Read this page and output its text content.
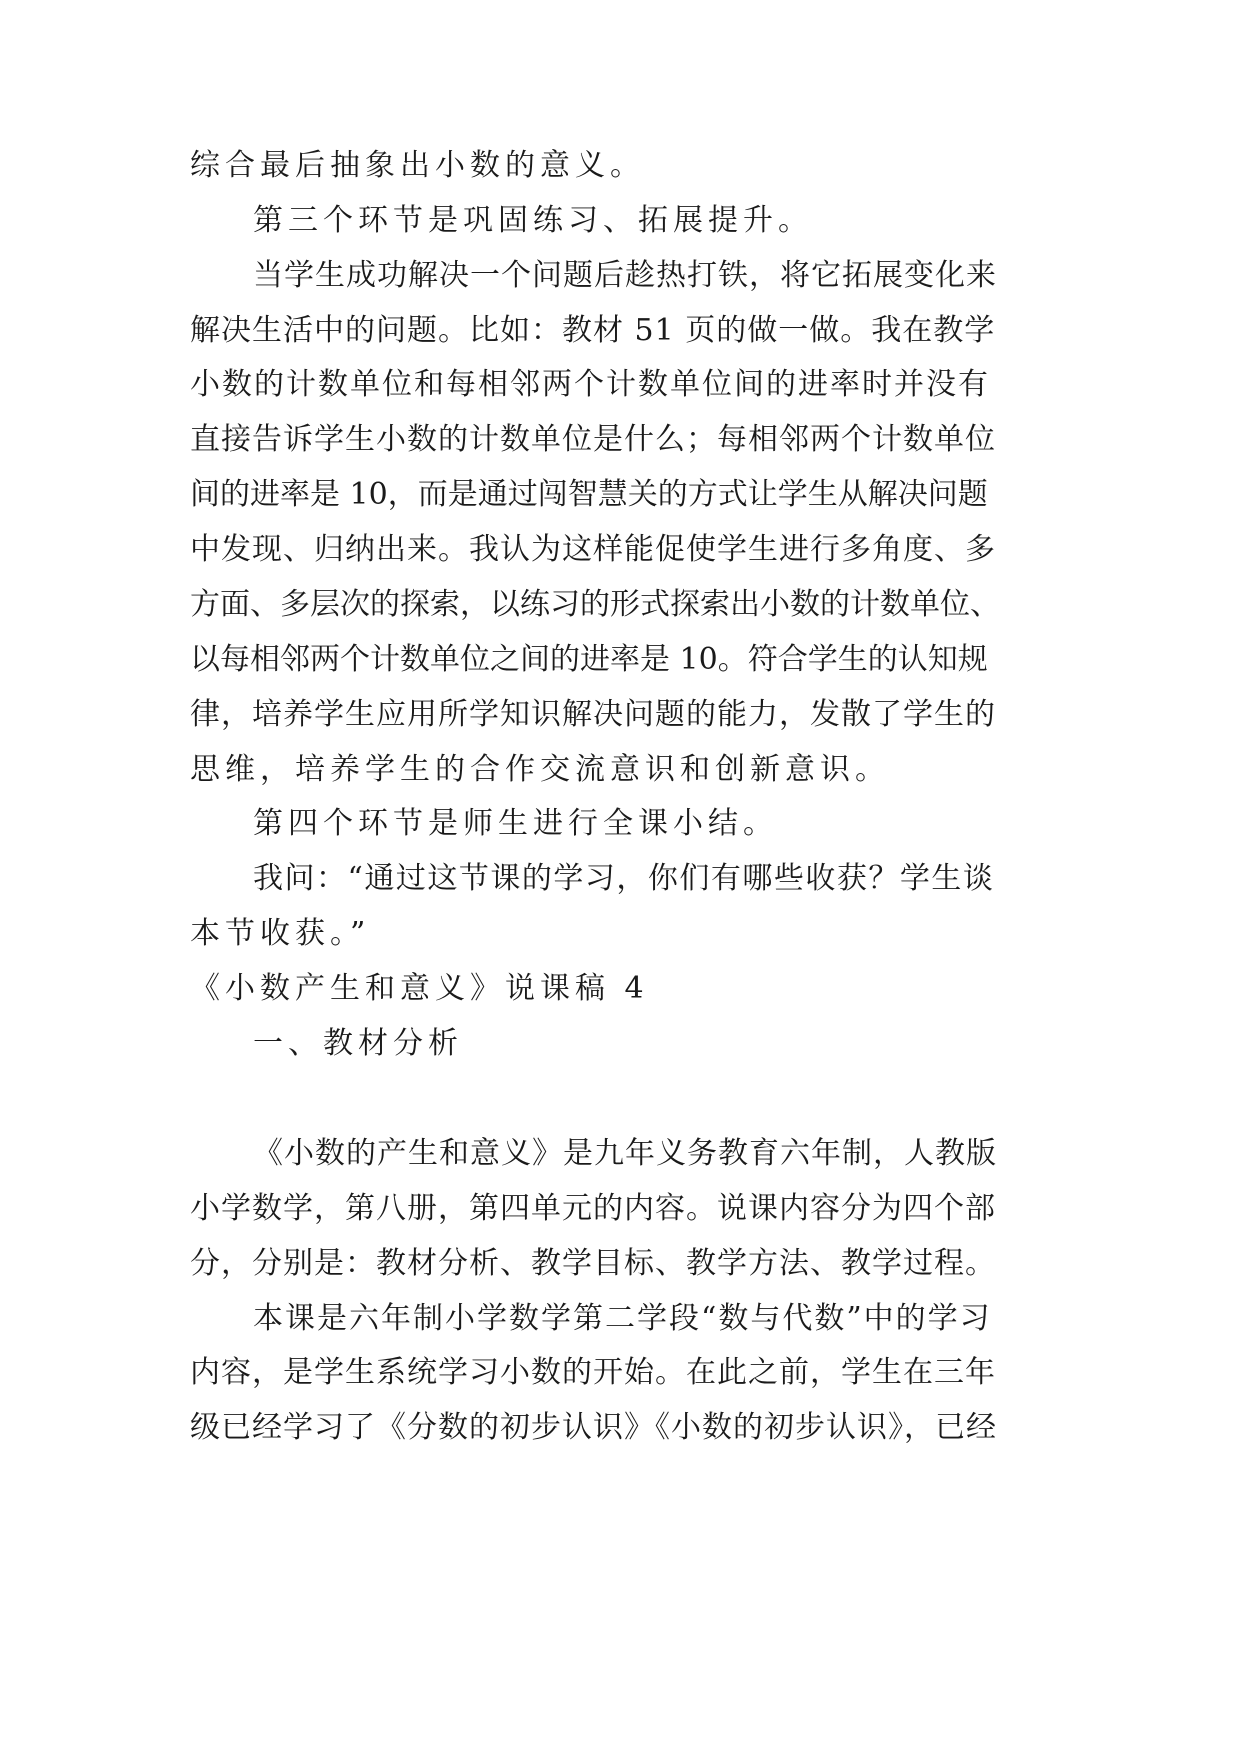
综合最后抽象出小数的意义。
第三个环节是巩固练习、拓展提升。
当学生成功解决一个问题后趁热打铁，将它拓展变化来
解决生活中的问题。比如：教材 51 页的做一做。我在教学
小数的计数单位和每相邻两个计数单位间的进率时并没有
直接告诉学生小数的计数单位是什么；每相邻两个计数单位
间的进率是 10，而是通过闯智慧关的方式让学生从解决问题
中发现、归纳出来。我认为这样能促使学生进行多角度、多
方面、多层次的探索，以练习的形式探索出小数的计数单位、
以每相邻两个计数单位之间的进率是 10。符合学生的认知规
律，培养学生应用所学知识解决问题的能力，发散了学生的
思维，培养学生的合作交流意识和创新意识。
第四个环节是师生进行全课小结。
我问：“通过这节课的学习，你们有哪些收获？学生谈
本节收获。”
《小数产生和意义》说课稿 4
一、教材分析
《小数的产生和意义》是九年义务教育六年制，人教版
小学数学，第八册，第四单元的内容。说课内容分为四个部
分，分别是：教材分析、教学目标、教学方法、教学过程。
本课是六年制小学数学第二学段“数与代数”中的学习
内容，是学生系统学习小数的开始。在此之前，学生在三年
级已经学习了《分数的初步认识》《小数的初步认识》，已经
